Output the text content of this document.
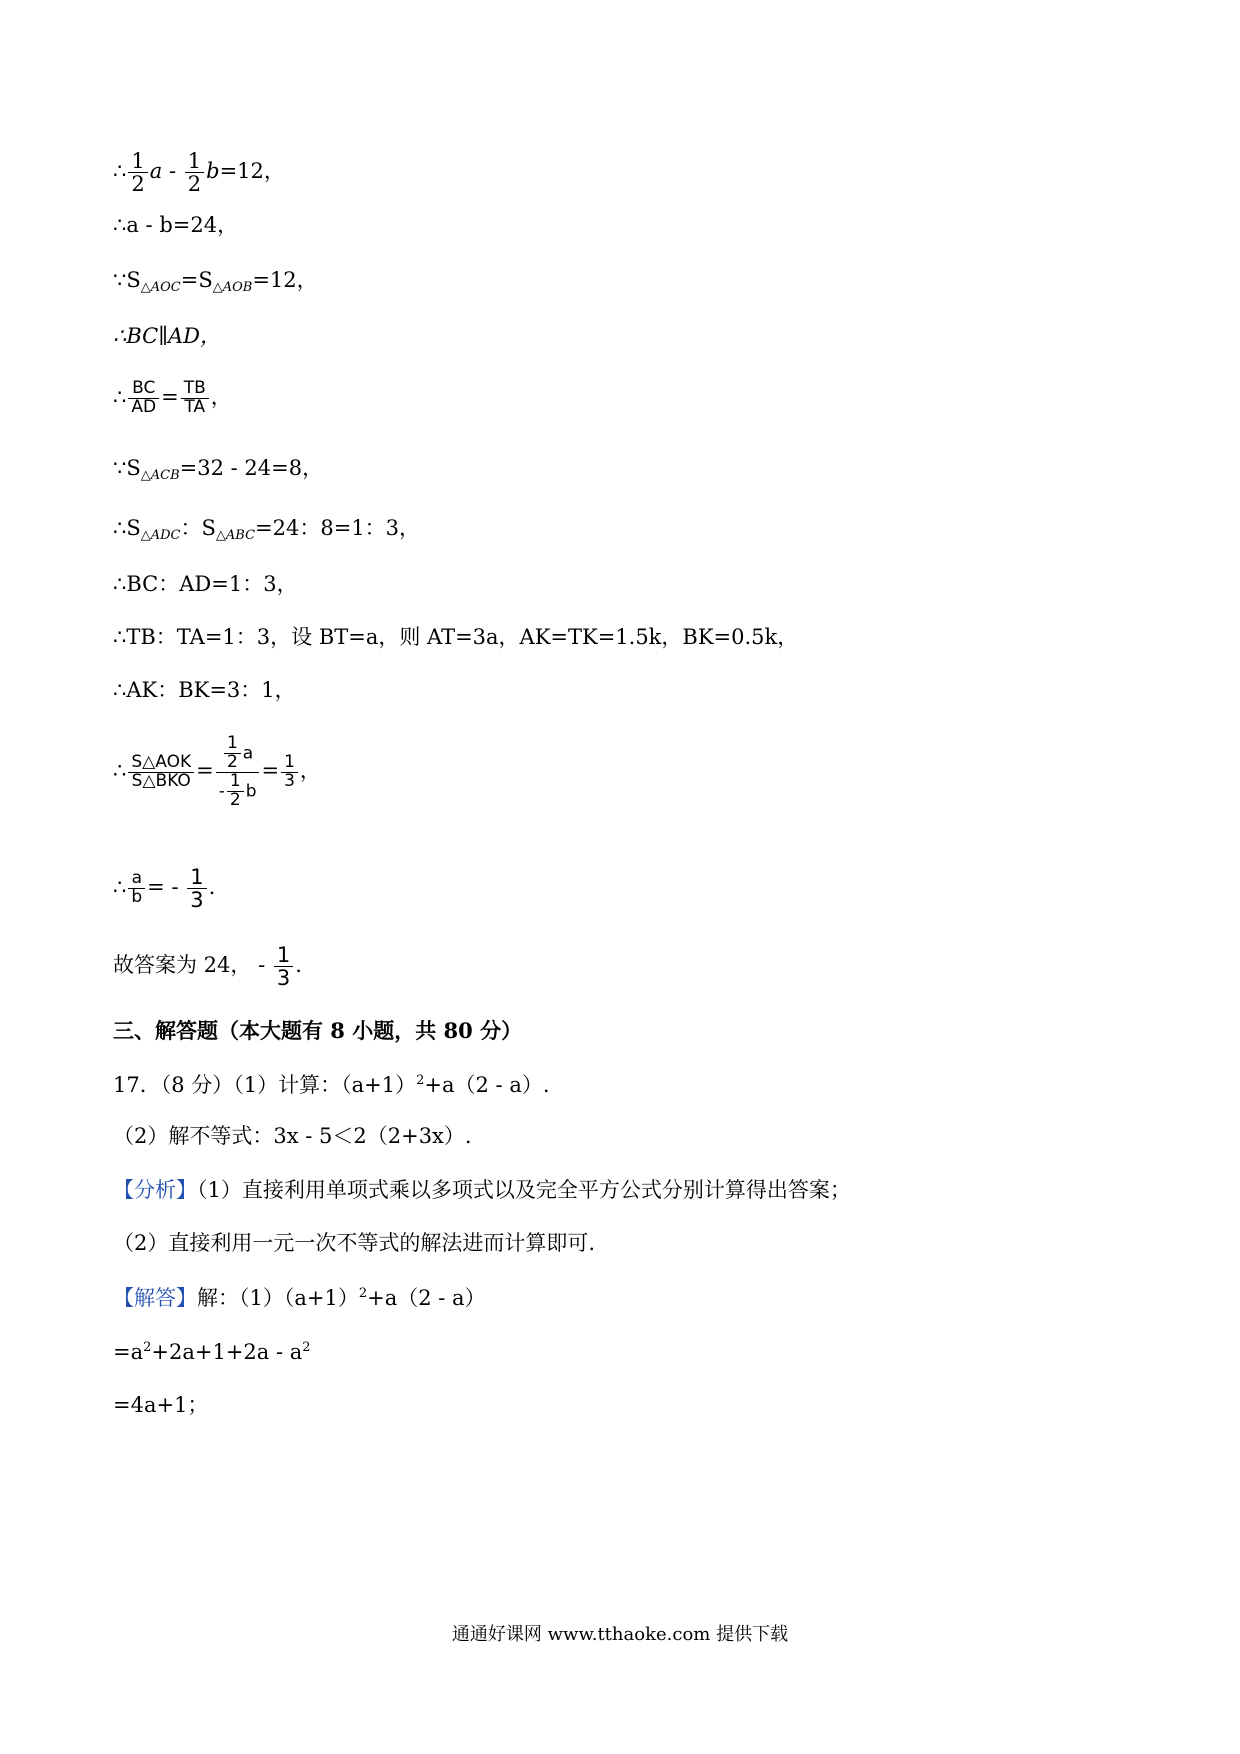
∴ $\frac{1}{2}$ $a - \frac{1}{2} b=12$，
∴a - b=24，
$\because S_{\triangle AOC}=S_{\triangle AOB}=12$，
∴BC∥AD，
∴ $\frac{BC}{AD} = \frac{TB}{TA}$ ，
$\because S_{\triangle ACB}=32 - 24=8$，
$\therefore S_{\triangle ADC}$：$S_{\triangle ABC}=24$：8=1：3，
∴BC：AD=1：3，
∴TB：TA=1：3，设 BT=a，则 AT=3a，AK=TK=1.5k，BK=0.5k，
∴AK：BK=3：1，
∴ $\frac{\text{S△AOK}}{\text{S△BKO}} = \frac{\frac{1}{2} a}{- \frac{1}{2} b} = \frac{1}{3}$ ，
∴ $\frac{a}{b}$ = - $\frac{1}{3}$ .
故答案为 24， - $\frac{1}{3}$ .
三、解答题（本大题有 8 小题，共 80 分）
17．（8 分）（1）计算：$(a+1)^2+a(2 - a)$.
（2）解不等式：3x - 5＜2（2+3x）.
【分析】（1）直接利用单项式乘以多项式以及完全平方公式分别计算得出答案；
（2）直接利用一元一次不等式的解法进而计算即可.
【解答】解：$(1)(a+1)^2+a(2 - a)$
$=a^2+2a+1+2a - a^2$
=4a+1；
通通好课网 www.tthaoke.com 提供下载
